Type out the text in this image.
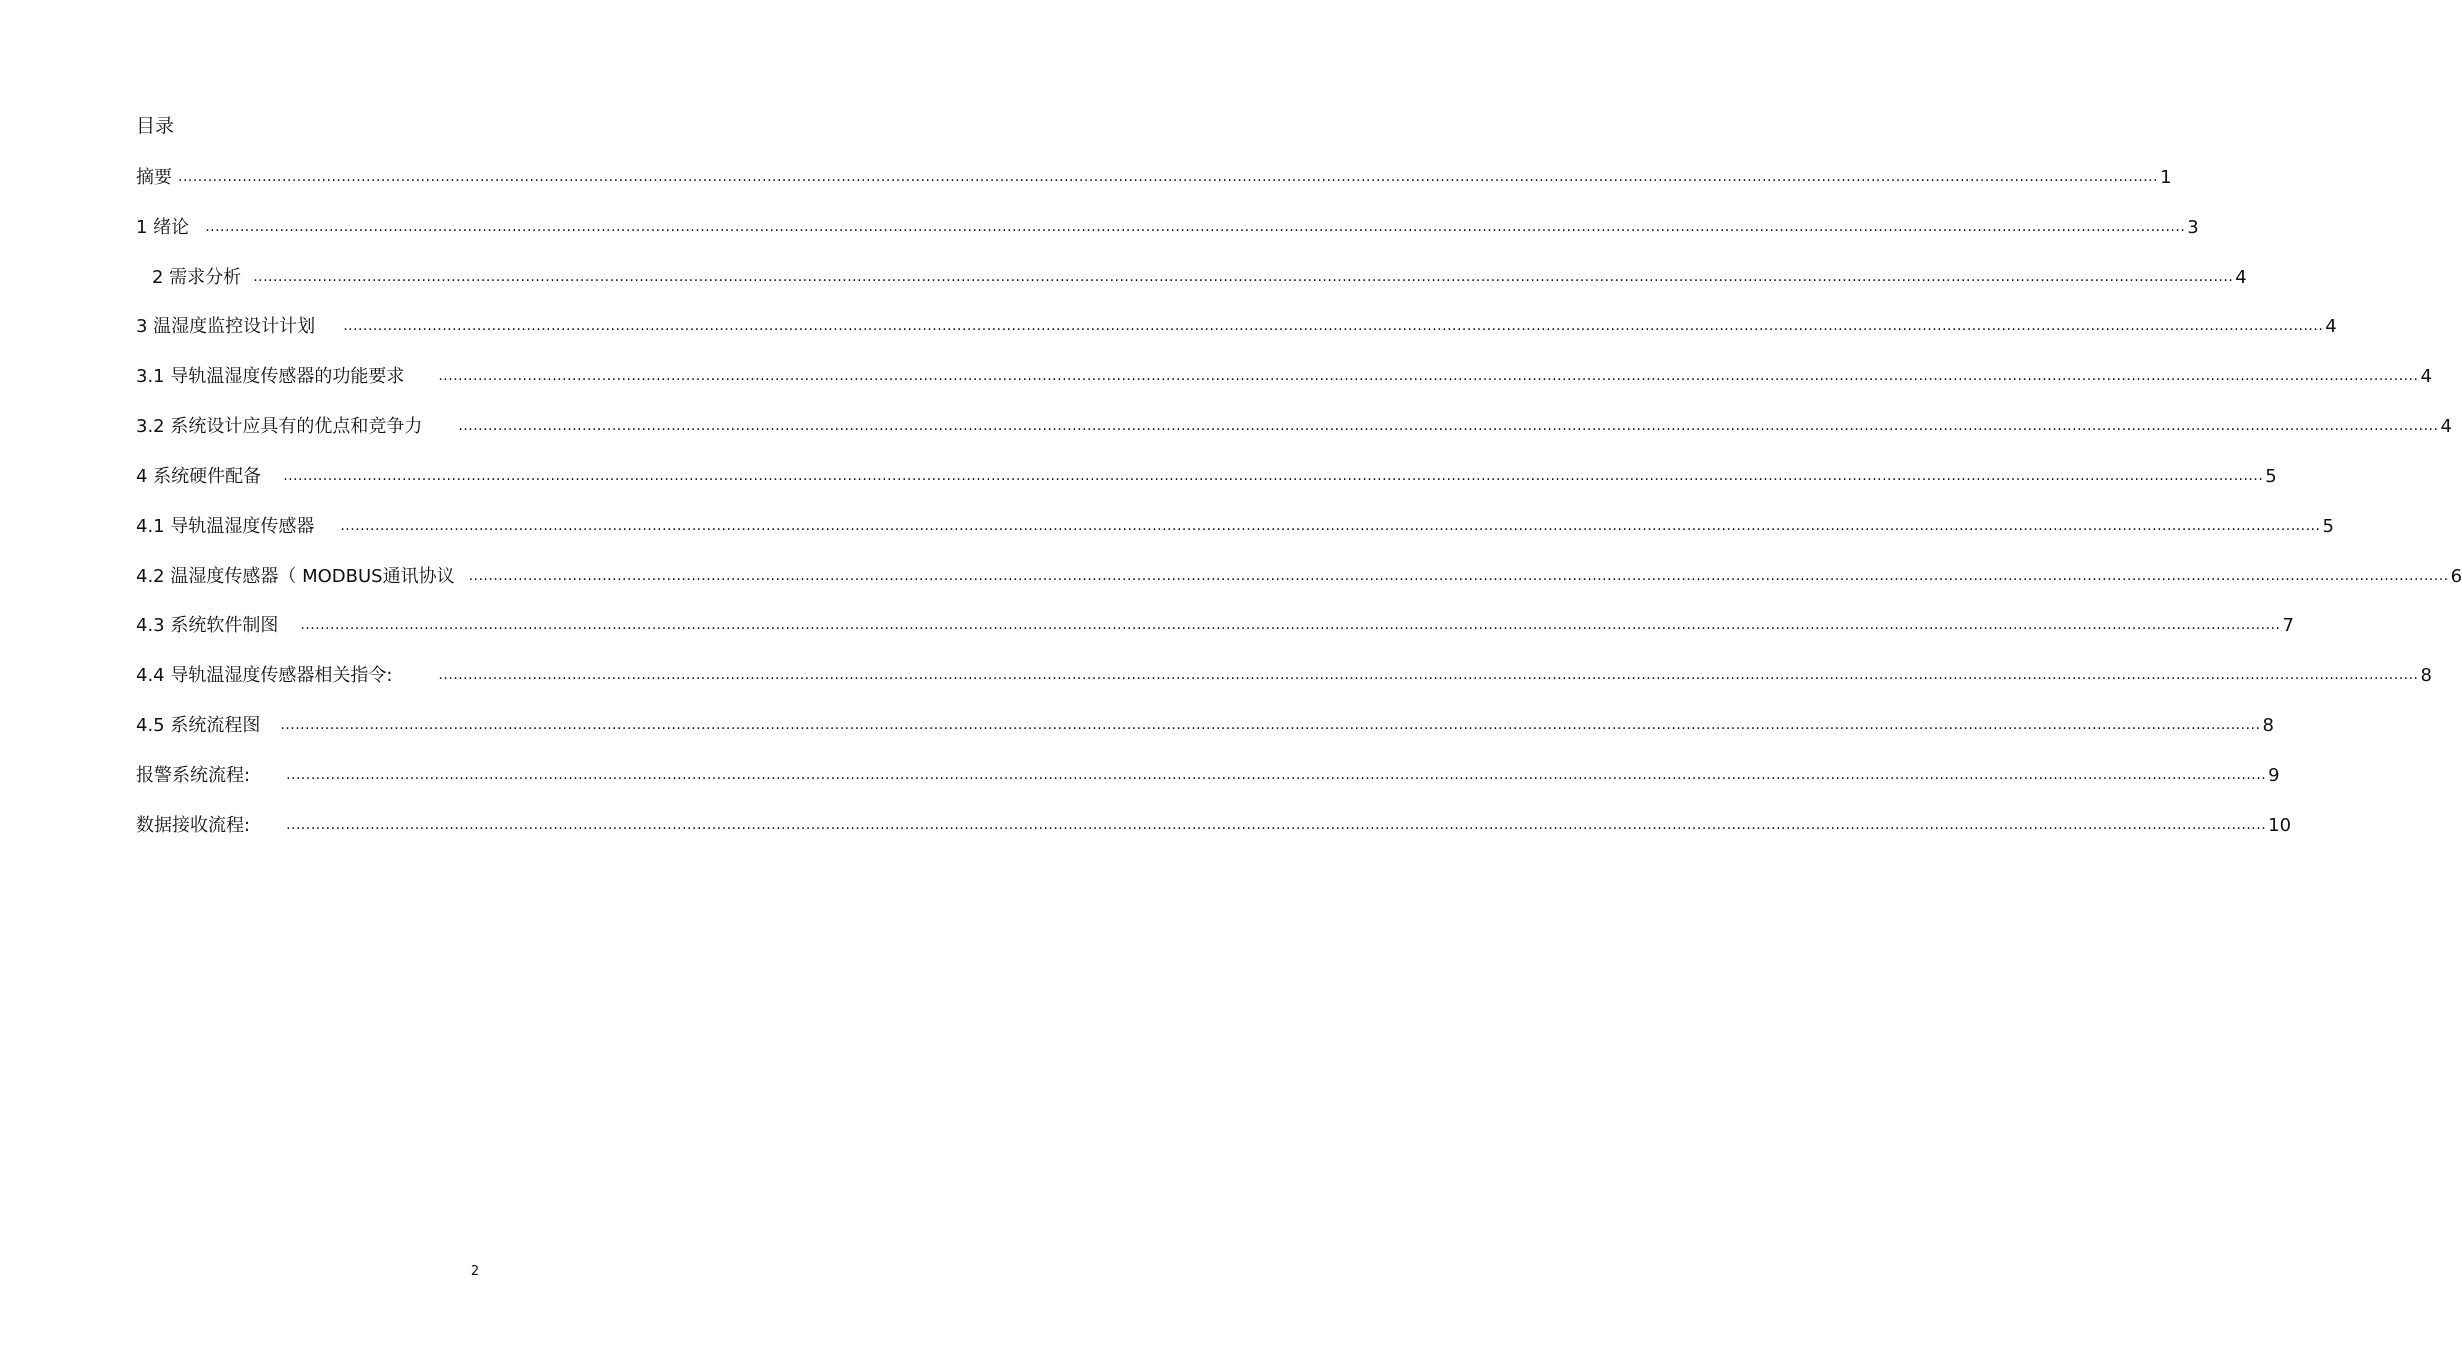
目录
摘要 ................................................................................................................................................................................................................................................................................................................................................................................................................ 1
1 绪论 ................................................................................................................................................................................................................................................................................................................................................................................................................ 3
2 需求分析 ................................................................................................................................................................................................................................................................................................................................................................................................................ 4
3 温湿度监控设计计划 ................................................................................................................................................................................................................................................................................................................................................................................................................ 4
3.1 导轨温湿度传感器的功能要求 ................................................................................................................................................................................................................................................................................................................................................................................................................ 4
3.2 系统设计应具有的优点和竞争力	................................................................................................................................................................................................................................................................................................................................................................................................................ 4
4 系统硬件配备 ................................................................................................................................................................................................................................................................................................................................................................................................................ 5
4.1 导轨温湿度传感器 ................................................................................................................................................................................................................................................................................................................................................................................................................ 5
4.2 温湿度传感器（ MODBUS通讯协议 ................................................................................................................................................................................................................................................................................................................................................................................................................ 6
4.3 系统软件制图 ................................................................................................................................................................................................................................................................................................................................................................................................................ 7
4.4 导轨温湿度传感器相关指令:	................................................................................................................................................................................................................................................................................................................................................................................................................ 8
4.5 系统流程图 ................................................................................................................................................................................................................................................................................................................................................................................................................ 8
报警系统流程:	................................................................................................................................................................................................................................................................................................................................................................................................................ 9
数据接收流程:	................................................................................................................................................................................................................................................................................................................................................................................................................ 10
2
